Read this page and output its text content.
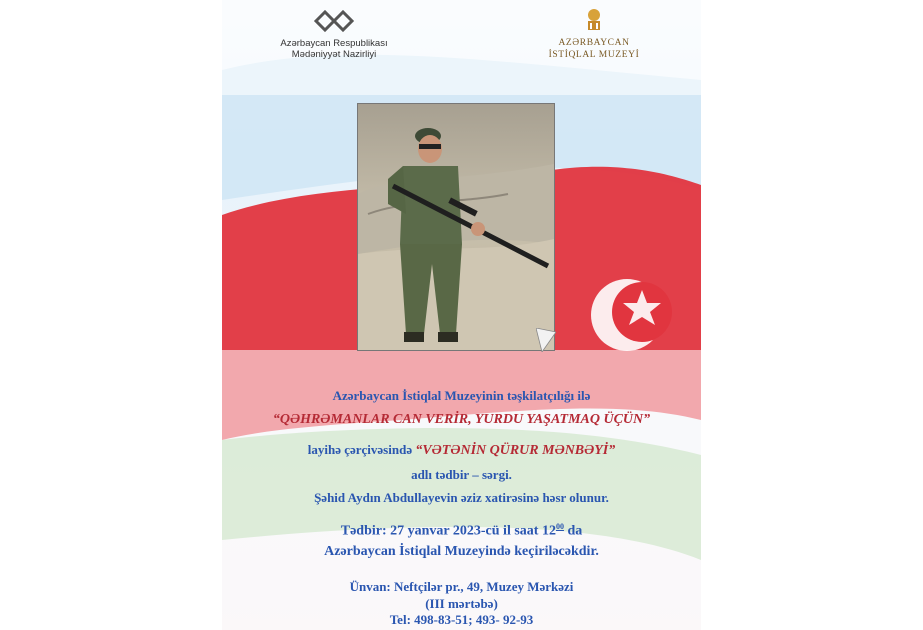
Azərbaycan Respublikası
Mədəniyyət Nazirliyi
AZƏRBAYCAN
İSTİQLAL MUZEYİ
Azərbaycan İstiqlal Muzeyinin təşkilatçılığı ilə
“QƏHRƏMANLAR CAN VERİR, YURDU YAŞATMAQ ÜÇÜN”
layihə çərçivəsində “VƏTƏNİN QÜRUR MƏNBƏYİ”
adlı tədbir – sərgi.
Şəhid Aydın Abdullayevin əziz xatirəsinə həsr olunur.
Tədbir: 27 yanvar 2023-cü il saat $12^{00}$ da
Azərbaycan İstiqlal Muzeyində keçiriləcəkdir.
Ünvan: Neftçilər pr., 49, Muzey Mərkəzi
(III mərtəbə)
Tel: 498-83-51; 493- 92-93
